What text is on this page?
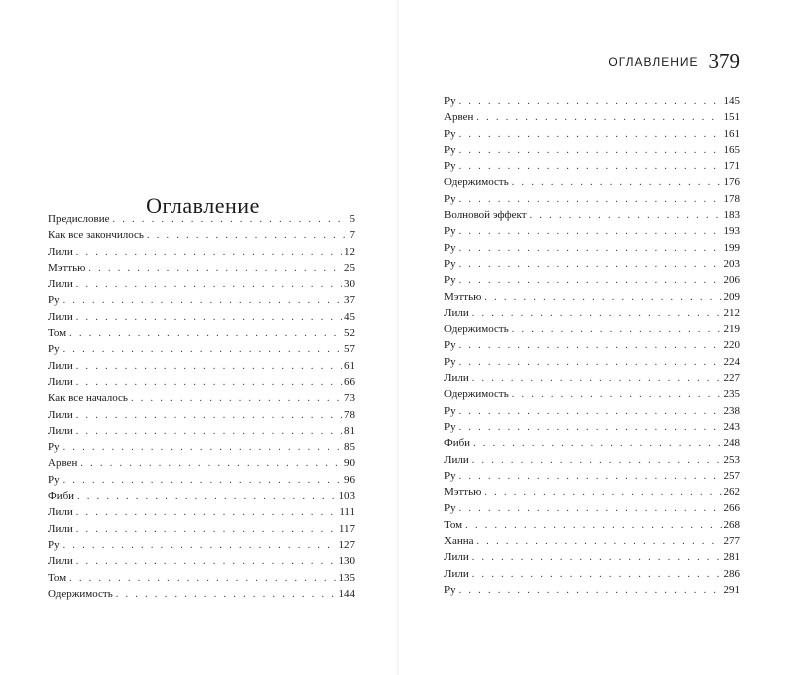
Оглавление
Предисловие . . .	5
Как все закончилось . . .	7
Лили . . .	12
Мэттью . . .	25
Лили . . .	30
Ру . . .	37
Лили . . .	45
Том . . .	52
Ру . . .	57
Лили . . .	61
Лили . . .	66
Как все началось . . .	73
Лили . . .	78
Лили . . .	81
Ру . . .	85
Арвен . . .	90
Ру . . .	96
Фиби . . .	103
Лили . . .	111
Лили . . .	117
Ру . . .	127
Лили . . .	130
Том . . .	135
Одержимость . . .	144
ОГЛАВЛЕНИЕ 379
Ру . . .	145
Арвен . . .	151
Ру . . .	161
Ру . . .	165
Ру . . .	171
Одержимость . . .	176
Ру . . .	178
Волновой эффект . . .	183
Ру . . .	193
Ру . . .	199
Ру . . .	203
Ру . . .	206
Мэттью . . .	209
Лили . . .	212
Одержимость . . .	219
Ру . . .	220
Ру . . .	224
Лили . . .	227
Одержимость . . .	235
Ру . . .	238
Ру . . .	243
Фиби . . .	248
Лили . . .	253
Ру . . .	257
Мэттью . . .	262
Ру . . .	266
Том . . .	268
Ханна . . .	277
Лили . . .	281
Лили . . .	286
Ру . . .	291
